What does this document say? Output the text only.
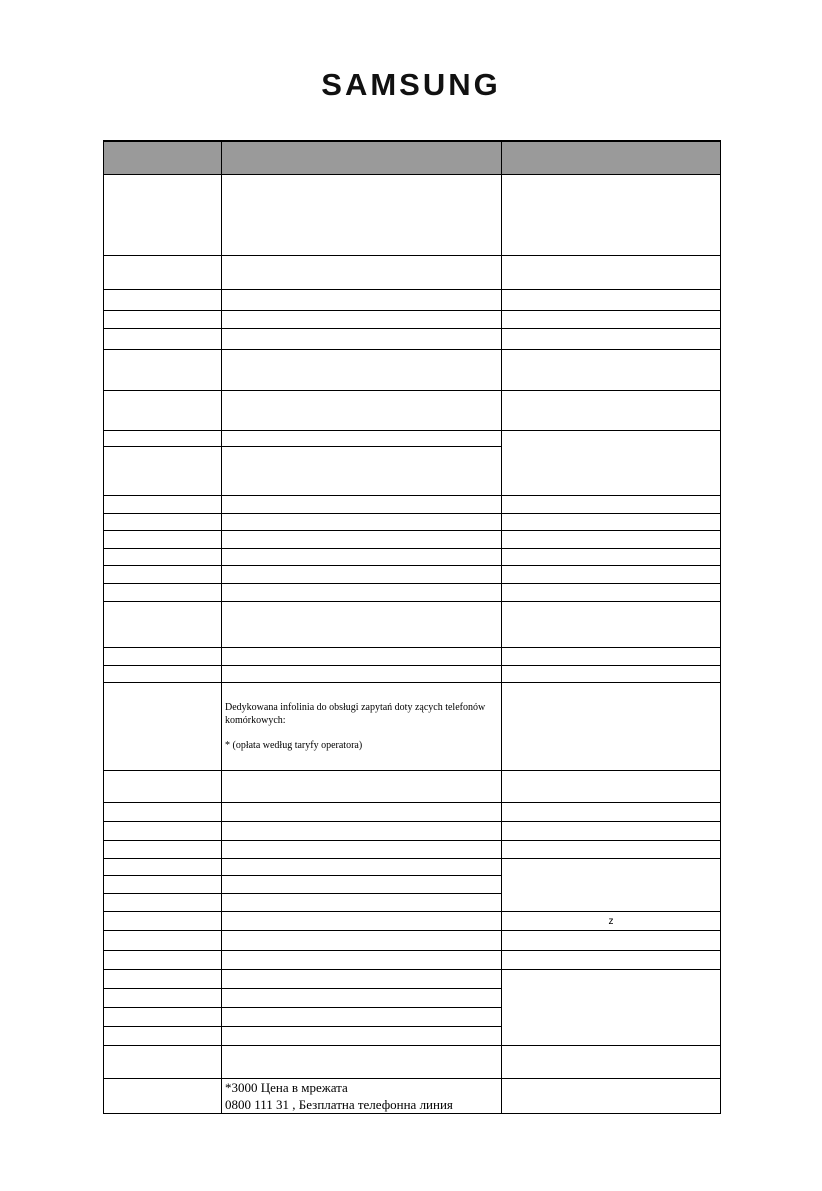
SAMSUNG

	Dedykowana infolinia do obsługi zapytań doty zących telefonów komórkowych:
* (opłata według taryfy operatora)	

		z

	*3000 Цена в мрежата
0800 111 31 , Безплатна телефонна линия	
